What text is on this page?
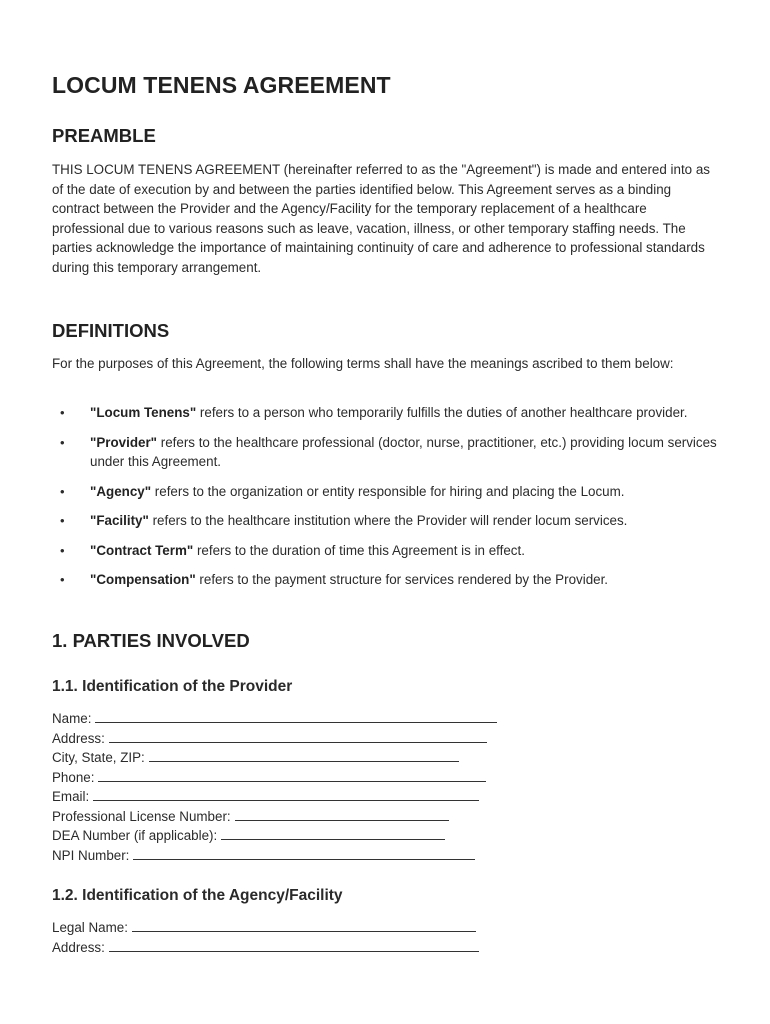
LOCUM TENENS AGREEMENT
PREAMBLE

THIS LOCUM TENENS AGREEMENT (hereinafter referred to as the "Agreement") is made and entered into as of the date of execution by and between the parties identified below. This Agreement serves as a binding contract between the Provider and the Agency/Facility for the temporary replacement of a healthcare professional due to various reasons such as leave, vacation, illness, or other temporary staffing needs. The parties acknowledge the importance of maintaining continuity of care and adherence to professional standards during this temporary arrangement.

DEFINITIONS

For the purposes of this Agreement, the following terms shall have the meanings ascribed to them below:

• "Locum Tenens" refers to a person who temporarily fulfills the duties of another healthcare provider.
• "Provider" refers to the healthcare professional (doctor, nurse, practitioner, etc.) providing locum services under this Agreement.
• "Agency" refers to the organization or entity responsible for hiring and placing the Locum.
• "Facility" refers to the healthcare institution where the Provider will render locum services.
• "Contract Term" refers to the duration of time this Agreement is in effect.
• "Compensation" refers to the payment structure for services rendered by the Provider.
1. PARTIES INVOLVED
1.1. Identification of the Provider
Name:
Address:
City, State, ZIP:
Phone:
Email:
Professional License Number:
DEA Number (if applicable):
NPI Number:
1.2. Identification of the Agency/Facility
Legal Name:
Address:
